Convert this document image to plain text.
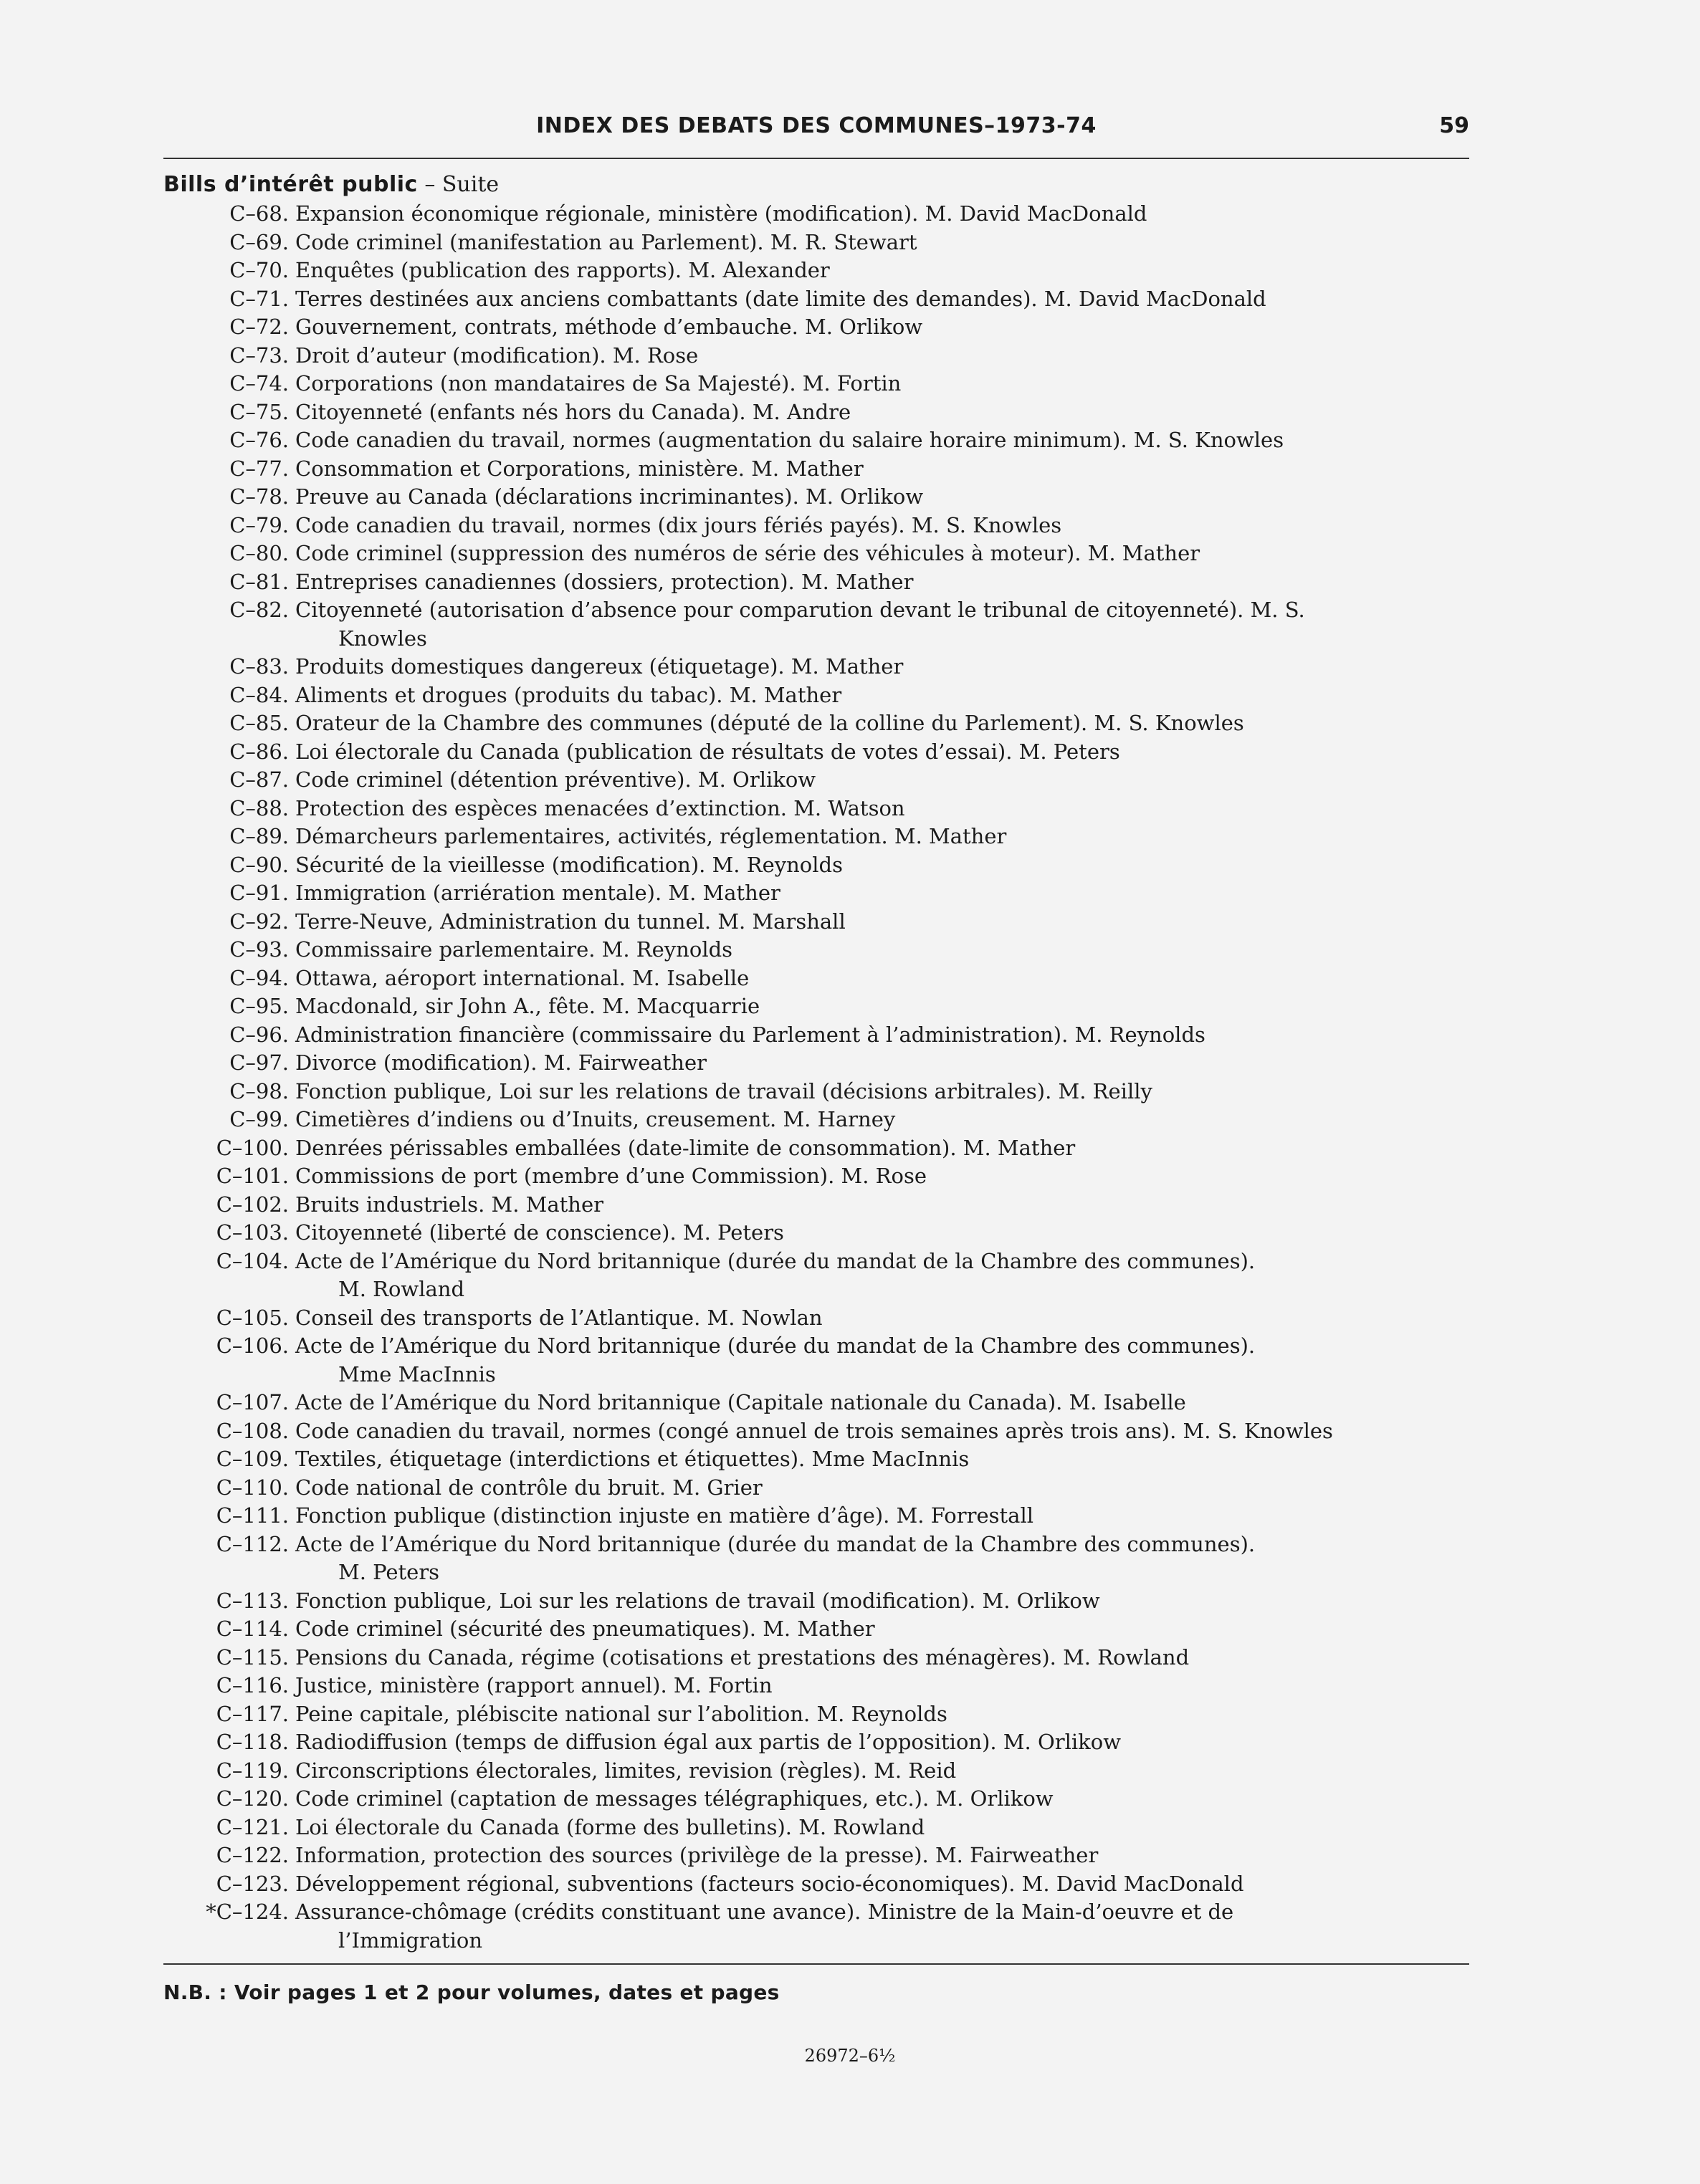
INDEX DES DEBATS DES COMMUNES–1973-74	59
Bills d’intérêt public – Suite
C–68. Expansion économique régionale, ministère (modification). M. David MacDonald
C–69. Code criminel (manifestation au Parlement). M. R. Stewart
C–70. Enquêtes (publication des rapports). M. Alexander
C–71. Terres destinées aux anciens combattants (date limite des demandes). M. David MacDonald
C–72. Gouvernement, contrats, méthode d’embauche. M. Orlikow
C–73. Droit d’auteur (modification). M. Rose
C–74. Corporations (non mandataires de Sa Majesté). M. Fortin
C–75. Citoyenneté (enfants nés hors du Canada). M. Andre
C–76. Code canadien du travail, normes (augmentation du salaire horaire minimum). M. S. Knowles
C–77. Consommation et Corporations, ministère. M. Mather
C–78. Preuve au Canada (déclarations incriminantes). M. Orlikow
C–79. Code canadien du travail, normes (dix jours fériés payés). M. S. Knowles
C–80. Code criminel (suppression des numéros de série des véhicules à moteur). M. Mather
C–81. Entreprises canadiennes (dossiers, protection). M. Mather
C–82. Citoyenneté (autorisation d’absence pour comparution devant le tribunal de citoyenneté). M. S.
Knowles
C–83. Produits domestiques dangereux (étiquetage). M. Mather
C–84. Aliments et drogues (produits du tabac). M. Mather
C–85. Orateur de la Chambre des communes (député de la colline du Parlement). M. S. Knowles
C–86. Loi électorale du Canada (publication de résultats de votes d’essai). M. Peters
C–87. Code criminel (détention préventive). M. Orlikow
C–88. Protection des espèces menacées d’extinction. M. Watson
C–89. Démarcheurs parlementaires, activités, réglementation. M. Mather
C–90. Sécurité de la vieillesse (modification). M. Reynolds
C–91. Immigration (arriération mentale). M. Mather
C–92. Terre-Neuve, Administration du tunnel. M. Marshall
C–93. Commissaire parlementaire. M. Reynolds
C–94. Ottawa, aéroport international. M. Isabelle
C–95. Macdonald, sir John A., fête. M. Macquarrie
C–96. Administration financière (commissaire du Parlement à l’administration). M. Reynolds
C–97. Divorce (modification). M. Fairweather
C–98. Fonction publique, Loi sur les relations de travail (décisions arbitrales). M. Reilly
C–99. Cimetières d’indiens ou d’Inuits, creusement. M. Harney
C–100. Denrées périssables emballées (date-limite de consommation). M. Mather
C–101. Commissions de port (membre d’une Commission). M. Rose
C–102. Bruits industriels. M. Mather
C–103. Citoyenneté (liberté de conscience). M. Peters
C–104. Acte de l’Amérique du Nord britannique (durée du mandat de la Chambre des communes).
M. Rowland
C–105. Conseil des transports de l’Atlantique. M. Nowlan
C–106. Acte de l’Amérique du Nord britannique (durée du mandat de la Chambre des communes).
Mme MacInnis
C–107. Acte de l’Amérique du Nord britannique (Capitale nationale du Canada). M. Isabelle
C–108. Code canadien du travail, normes (congé annuel de trois semaines après trois ans). M. S. Knowles
C–109. Textiles, étiquetage (interdictions et étiquettes). Mme MacInnis
C–110. Code national de contrôle du bruit. M. Grier
C–111. Fonction publique (distinction injuste en matière d’âge). M. Forrestall
C–112. Acte de l’Amérique du Nord britannique (durée du mandat de la Chambre des communes).
M. Peters
C–113. Fonction publique, Loi sur les relations de travail (modification). M. Orlikow
C–114. Code criminel (sécurité des pneumatiques). M. Mather
C–115. Pensions du Canada, régime (cotisations et prestations des ménagères). M. Rowland
C–116. Justice, ministère (rapport annuel). M. Fortin
C–117. Peine capitale, plébiscite national sur l’abolition. M. Reynolds
C–118. Radiodiffusion (temps de diffusion égal aux partis de l’opposition). M. Orlikow
C–119. Circonscriptions électorales, limites, revision (règles). M. Reid
C–120. Code criminel (captation de messages télégraphiques, etc.). M. Orlikow
C–121. Loi électorale du Canada (forme des bulletins). M. Rowland
C–122. Information, protection des sources (privilège de la presse). M. Fairweather
C–123. Développement régional, subventions (facteurs socio-économiques). M. David MacDonald
*C–124. Assurance-chômage (crédits constituant une avance). Ministre de la Main-d’oeuvre et de
l’Immigration
N.B. : Voir pages 1 et 2 pour volumes, dates et pages
26972–6½
